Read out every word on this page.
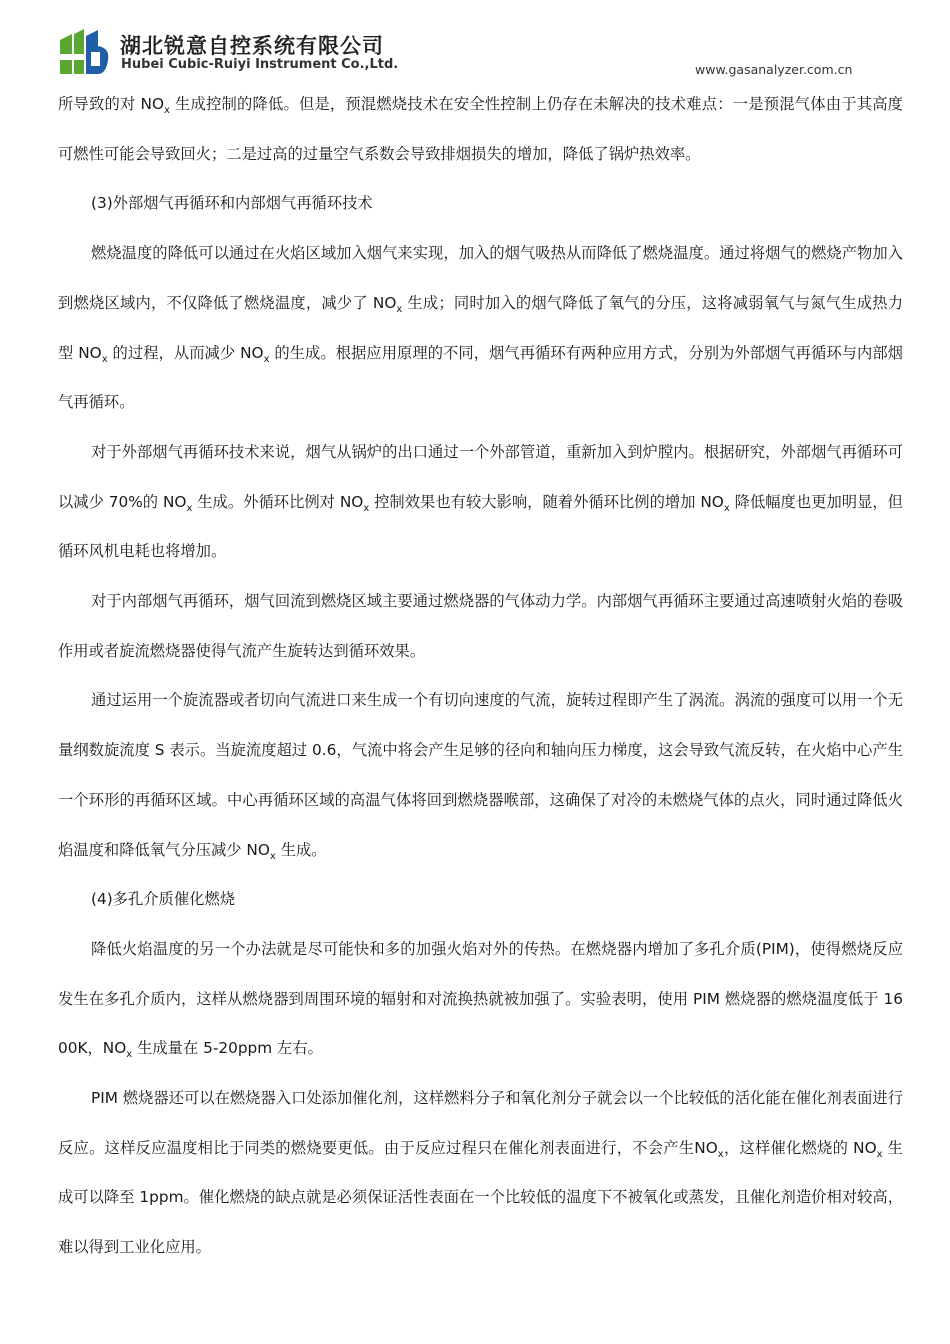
湖北锐意自控系统有限公司
Hubei Cubic-Ruiyi Instrument Co.,Ltd.	www.gasanalyzer.com.cn

所导致的对 $NO_x$ 生成控制的降低。但是，预混燃烧技术在安全性控制上仍存在未解决的技术难点：一是预混气体由于其高度可燃性可能会导致回火；二是过高的过量空气系数会导致排烟损失的增加，降低了锅炉热效率。

(3)外部烟气再循环和内部烟气再循环技术

燃烧温度的降低可以通过在火焰区域加入烟气来实现，加入的烟气吸热从而降低了燃烧温度。通过将烟气的燃烧产物加入到燃烧区域内，不仅降低了燃烧温度，减少了 $NO_x$ 生成；同时加入的烟气降低了氧气的分压，这将减弱氧气与氮气生成热力型 $NO_x$ 的过程，从而减少 $NO_x$ 的生成。根据应用原理的不同，烟气再循环有两种应用方式，分别为外部烟气再循环与内部烟气再循环。

对于外部烟气再循环技术来说，烟气从锅炉的出口通过一个外部管道，重新加入到炉膛内。根据研究，外部烟气再循环可以减少 70%的 $NO_x$ 生成。外循环比例对 $NO_x$ 控制效果也有较大影响，随着外循环比例的增加 $NO_x$ 降低幅度也更加明显，但循环风机电耗也将增加。

对于内部烟气再循环，烟气回流到燃烧区域主要通过燃烧器的气体动力学。内部烟气再循环主要通过高速喷射火焰的卷吸作用或者旋流燃烧器使得气流产生旋转达到循环效果。

通过运用一个旋流器或者切向气流进口来生成一个有切向速度的气流，旋转过程即产生了涡流。涡流的强度可以用一个无量纲数旋流度 S 表示。当旋流度超过 0.6，气流中将会产生足够的径向和轴向压力梯度，这会导致气流反转，在火焰中心产生一个环形的再循环区域。中心再循环区域的高温气体将回到燃烧器喉部，这确保了对冷的未燃烧气体的点火，同时通过降低火焰温度和降低氧气分压减少 $NO_x$ 生成。

(4)多孔介质催化燃烧

降低火焰温度的另一个办法就是尽可能快和多的加强火焰对外的传热。在燃烧器内增加了多孔介质(PIM)，使得燃烧反应发生在多孔介质内，这样从燃烧器到周围环境的辐射和对流换热就被加强了。实验表明，使用 PIM 燃烧器的燃烧温度低于 1600K，$NO_x$ 生成量在 5-20ppm 左右。

PIM 燃烧器还可以在燃烧器入口处添加催化剂，这样燃料分子和氧化剂分子就会以一个比较低的活化能在催化剂表面进行反应。这样反应温度相比于同类的燃烧要更低。由于反应过程只在催化剂表面进行，不会产生$NO_x$，这样催化燃烧的 $NO_x$ 生成可以降至 1ppm。催化燃烧的缺点就是必须保证活性表面在一个比较低的温度下不被氧化或蒸发，且催化剂造价相对较高，难以得到工业化应用。
